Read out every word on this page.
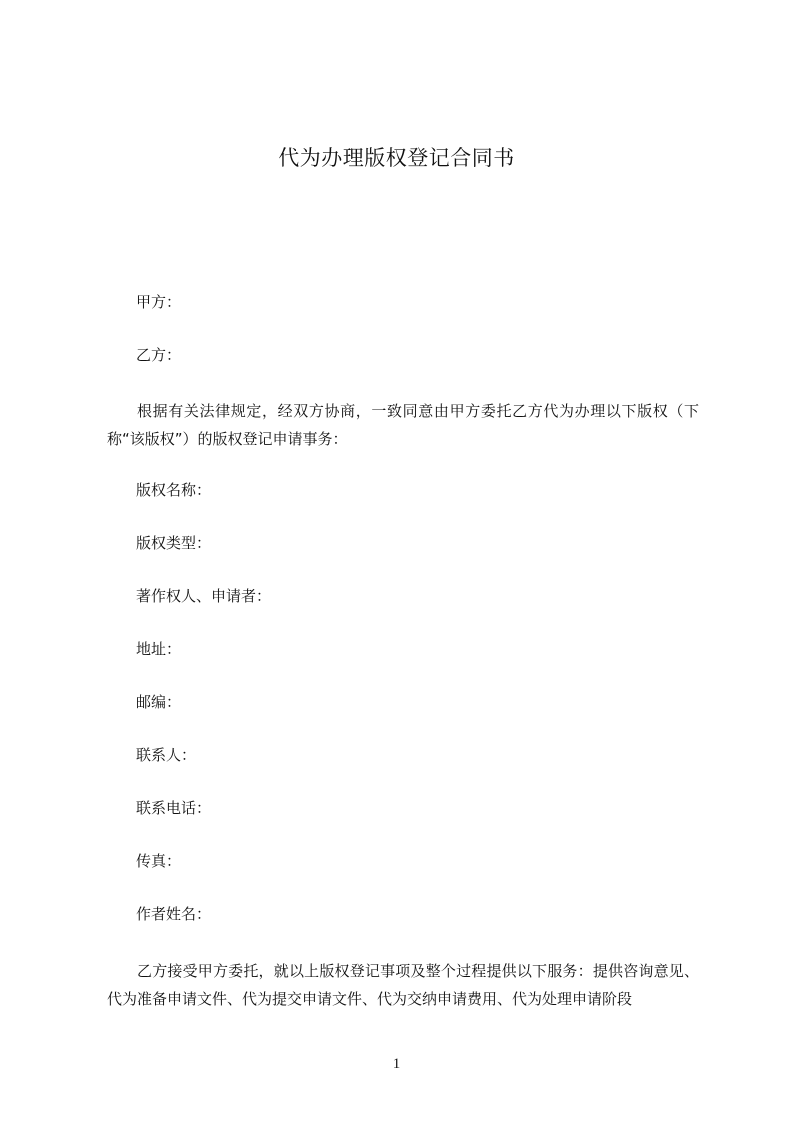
代为办理版权登记合同书
甲方：
乙方：
根据有关法律规定，经双方协商，一致同意由甲方委托乙方代为办理以下版权（下称“该版权”）的版权登记申请事务：
版权名称：
版权类型：
著作权人、申请者：
地址：
邮编：
联系人：
联系电话：
传真：
作者姓名：
乙方接受甲方委托，就以上版权登记事项及整个过程提供以下服务：提供咨询意见、代为准备申请文件、代为提交申请文件、代为交纳申请费用、代为处理申请阶段
1
